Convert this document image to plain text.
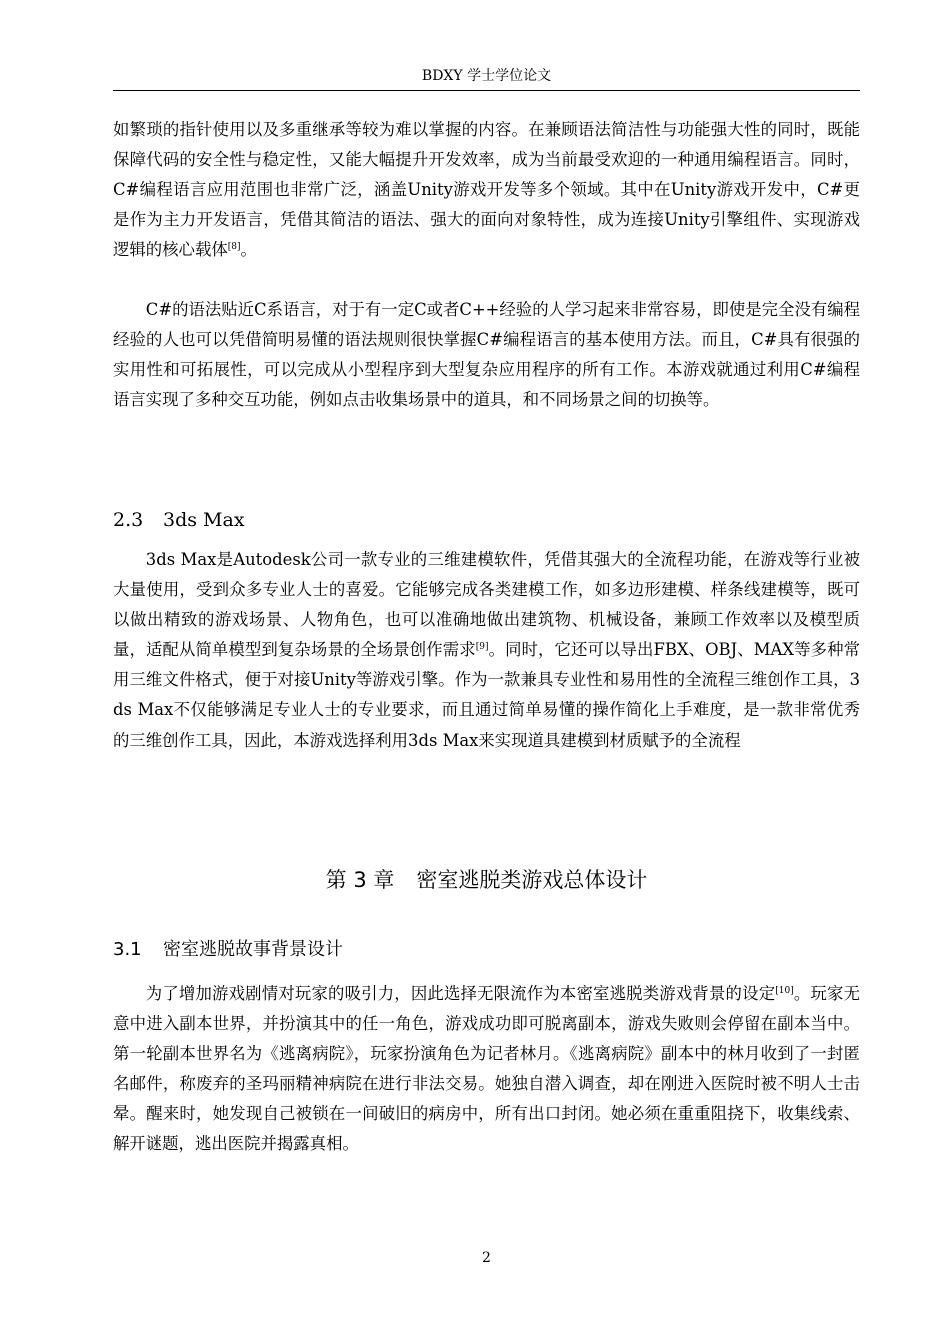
BDXY 学士学位论文

如繁琐的指针使用以及多重继承等较为难以掌握的内容。在兼顾语法简洁性与功能强大性的同时，既能保障代码的安全性与稳定性，又能大幅提升开发效率，成为当前最受欢迎的一种通用编程语言。同时，C#编程语言应用范围也非常广泛，涵盖Unity游戏开发等多个领域。其中在Unity游戏开发中，C#更是作为主力开发语言，凭借其简洁的语法、强大的面向对象特性，成为连接Unity引擎组件、实现游戏逻辑的核心载体[8]。

C#的语法贴近C系语言，对于有一定C或者C++经验的人学习起来非常容易，即使是完全没有编程经验的人也可以凭借简明易懂的语法规则很快掌握C#编程语言的基本使用方法。而且，C#具有很强的实用性和可拓展性，可以完成从小型程序到大型复杂应用程序的所有工作。本游戏就通过利用C#编程语言实现了多种交互功能，例如点击收集场景中的道具，和不同场景之间的切换等。

2.3 3ds Max

3ds Max是Autodesk公司一款专业的三维建模软件，凭借其强大的全流程功能，在游戏等行业被大量使用，受到众多专业人士的喜爱。它能够完成各类建模工作，如多边形建模、样条线建模等，既可以做出精致的游戏场景、人物角色，也可以准确地做出建筑物、机械设备，兼顾工作效率以及模型质量，适配从简单模型到复杂场景的全场景创作需求[9]。同时，它还可以导出FBX、OBJ、MAX等多种常用三维文件格式，便于对接Unity等游戏引擎。作为一款兼具专业性和易用性的全流程三维创作工具，3ds Max不仅能够满足专业人士的专业要求，而且通过简单易懂的操作简化上手难度，是一款非常优秀的三维创作工具，因此，本游戏选择利用3ds Max来实现道具建模到材质赋予的全流程

第 3 章 密室逃脱类游戏总体设计
3.1 密室逃脱故事背景设计

为了增加游戏剧情对玩家的吸引力，因此选择无限流作为本密室逃脱类游戏背景的设定[10]。玩家无意中进入副本世界，并扮演其中的任一角色，游戏成功即可脱离副本，游戏失败则会停留在副本当中。第一轮副本世界名为《逃离病院》，玩家扮演角色为记者林月。《逃离病院》副本中的林月收到了一封匿名邮件，称废弃的圣玛丽精神病院在进行非法交易。她独自潜入调查，却在刚进入医院时被不明人士击晕。醒来时，她发现自己被锁在一间破旧的病房中，所有出口封闭。她必须在重重阻挠下，收集线索、解开谜题，逃出医院并揭露真相。

2
